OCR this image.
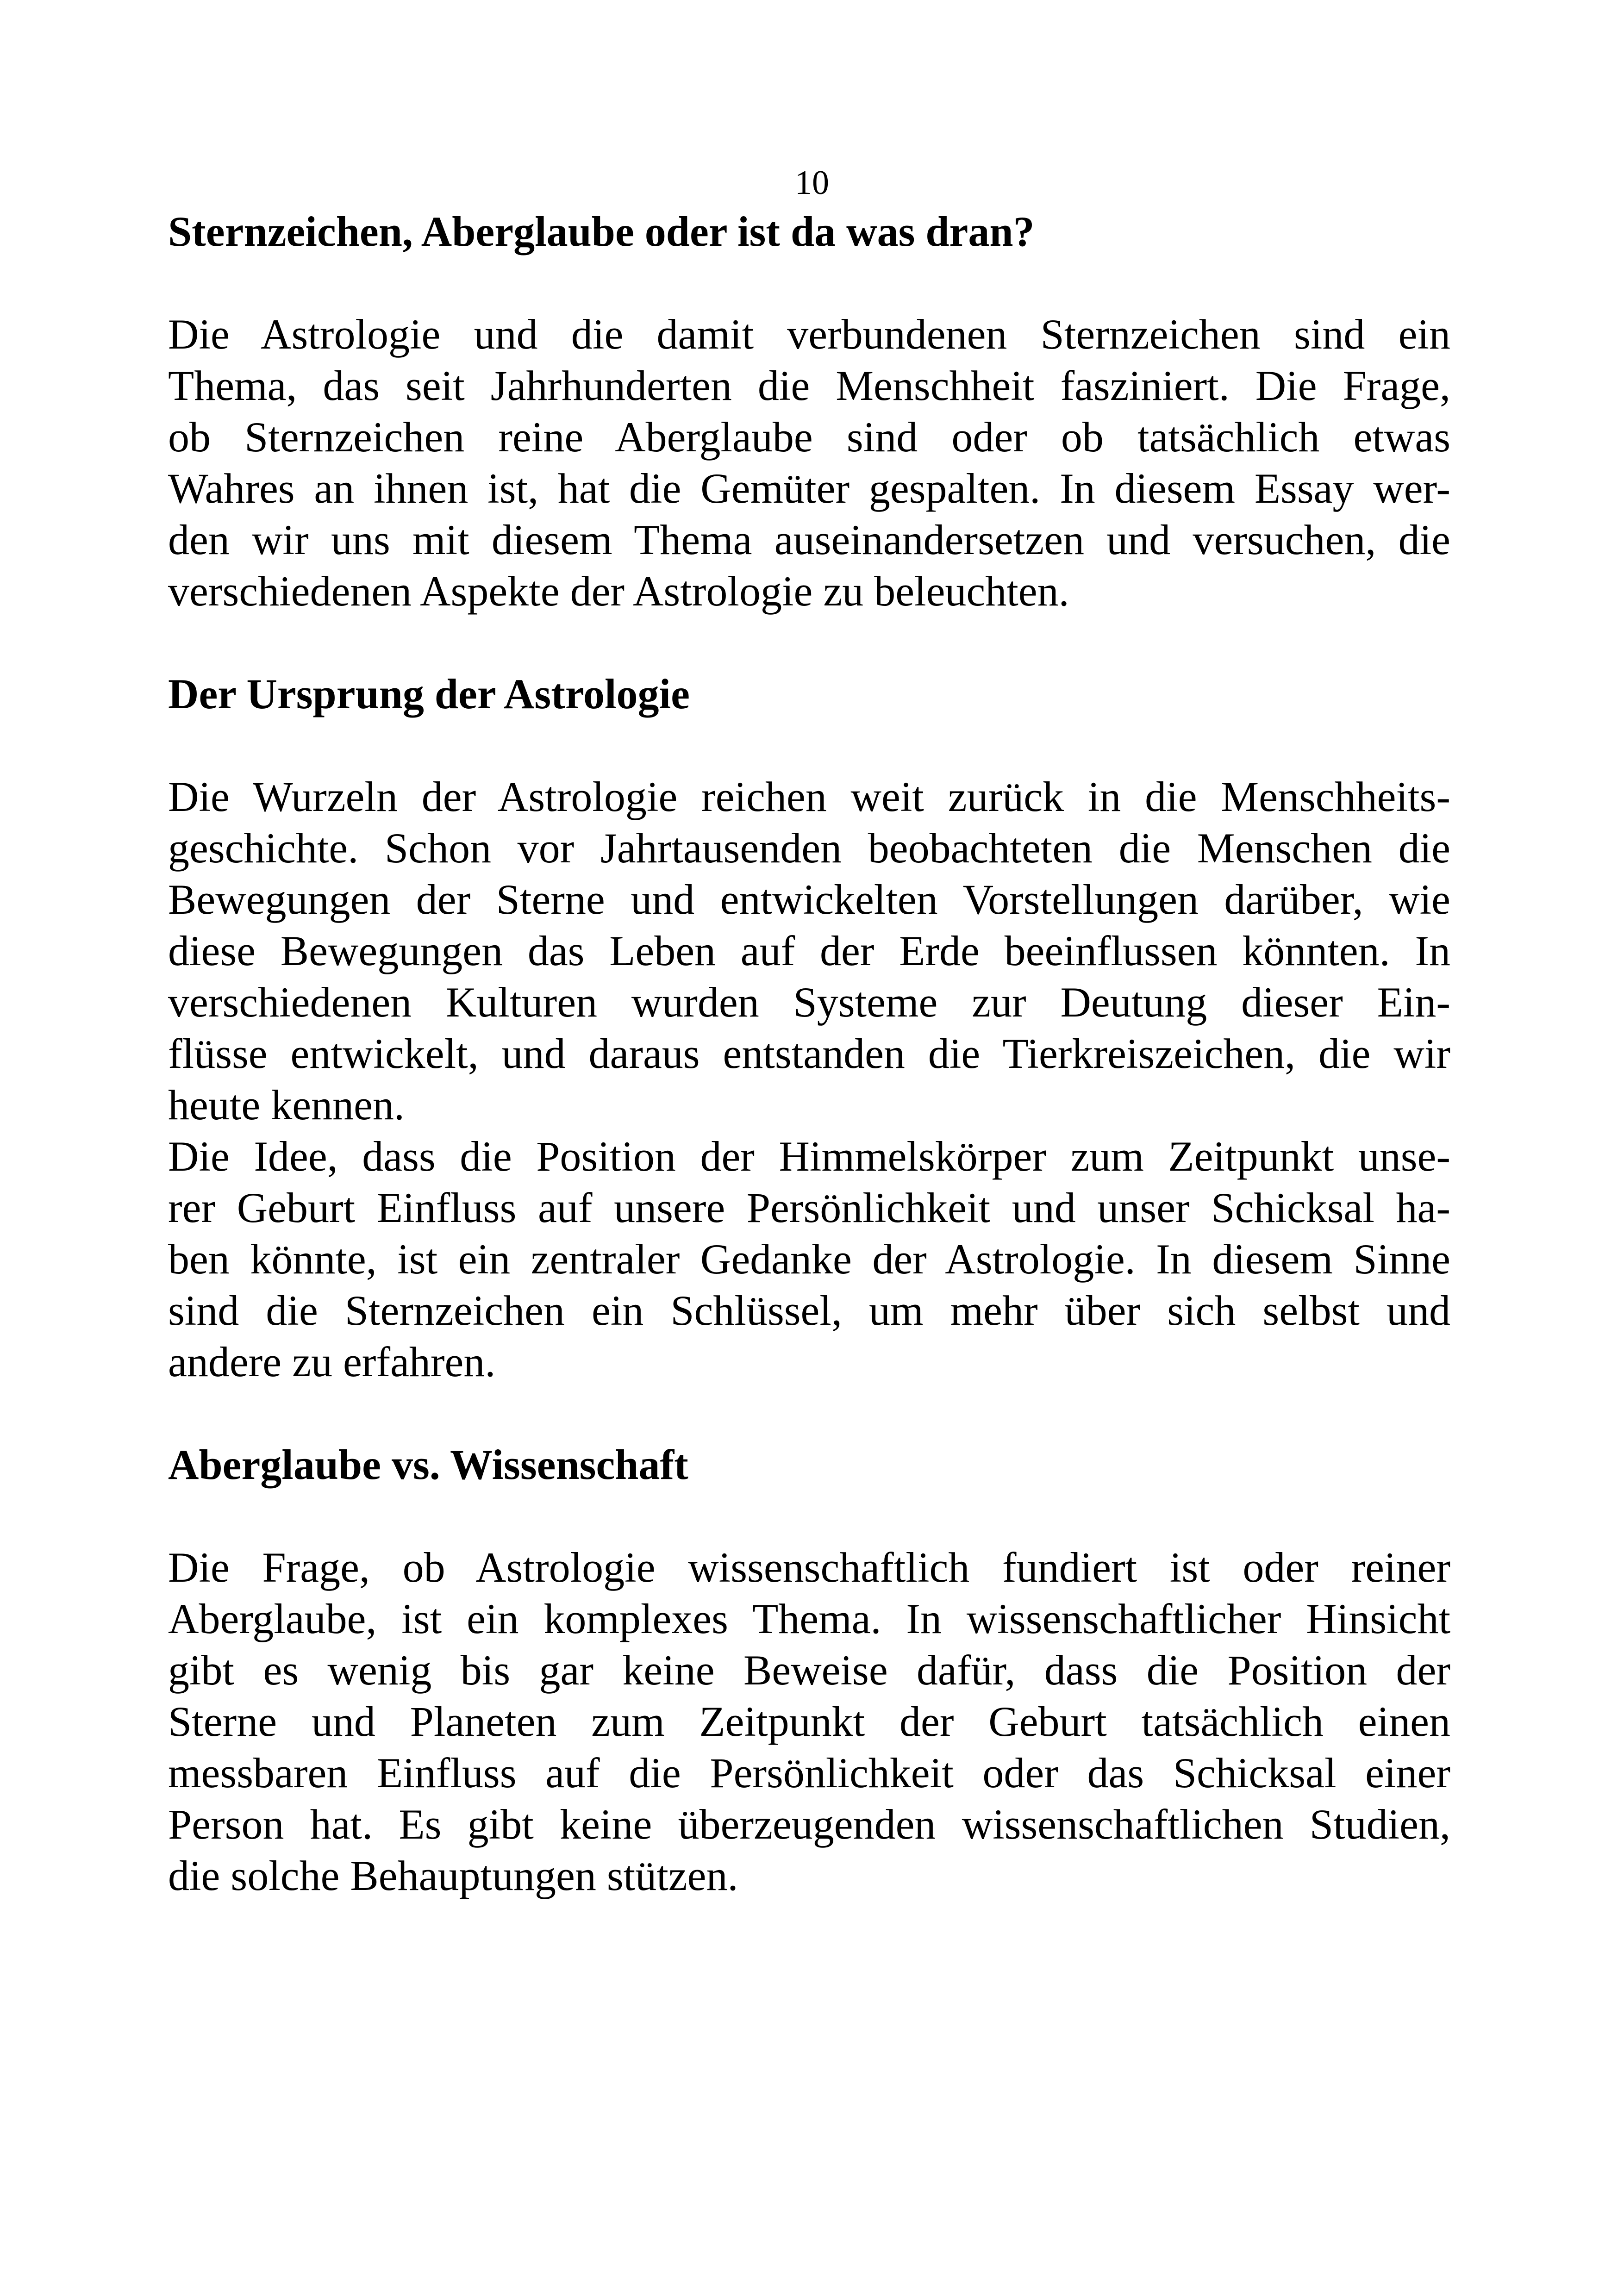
10
Sternzeichen, Aberglaube oder ist da was dran?
Die Astrologie und die damit verbundenen Sternzeichen sind ein
Thema, das seit Jahrhunderten die Menschheit fasziniert. Die Frage,
ob Sternzeichen reine Aberglaube sind oder ob tatsächlich etwas
Wahres an ihnen ist, hat die Gemüter gespalten. In diesem Essay wer-
den wir uns mit diesem Thema auseinandersetzen und versuchen, die
verschiedenen Aspekte der Astrologie zu beleuchten.
Der Ursprung der Astrologie
Die Wurzeln der Astrologie reichen weit zurück in die Menschheits-
geschichte. Schon vor Jahrtausenden beobachteten die Menschen die
Bewegungen der Sterne und entwickelten Vorstellungen darüber, wie
diese Bewegungen das Leben auf der Erde beeinflussen könnten. In
verschiedenen Kulturen wurden Systeme zur Deutung dieser Ein-
flüsse entwickelt, und daraus entstanden die Tierkreiszeichen, die wir
heute kennen.
Die Idee, dass die Position der Himmelskörper zum Zeitpunkt unse-
rer Geburt Einfluss auf unsere Persönlichkeit und unser Schicksal ha-
ben könnte, ist ein zentraler Gedanke der Astrologie. In diesem Sinne
sind die Sternzeichen ein Schlüssel, um mehr über sich selbst und
andere zu erfahren.
Aberglaube vs. Wissenschaft
Die Frage, ob Astrologie wissenschaftlich fundiert ist oder reiner
Aberglaube, ist ein komplexes Thema. In wissenschaftlicher Hinsicht
gibt es wenig bis gar keine Beweise dafür, dass die Position der
Sterne und Planeten zum Zeitpunkt der Geburt tatsächlich einen
messbaren Einfluss auf die Persönlichkeit oder das Schicksal einer
Person hat. Es gibt keine überzeugenden wissenschaftlichen Studien,
die solche Behauptungen stützen.
